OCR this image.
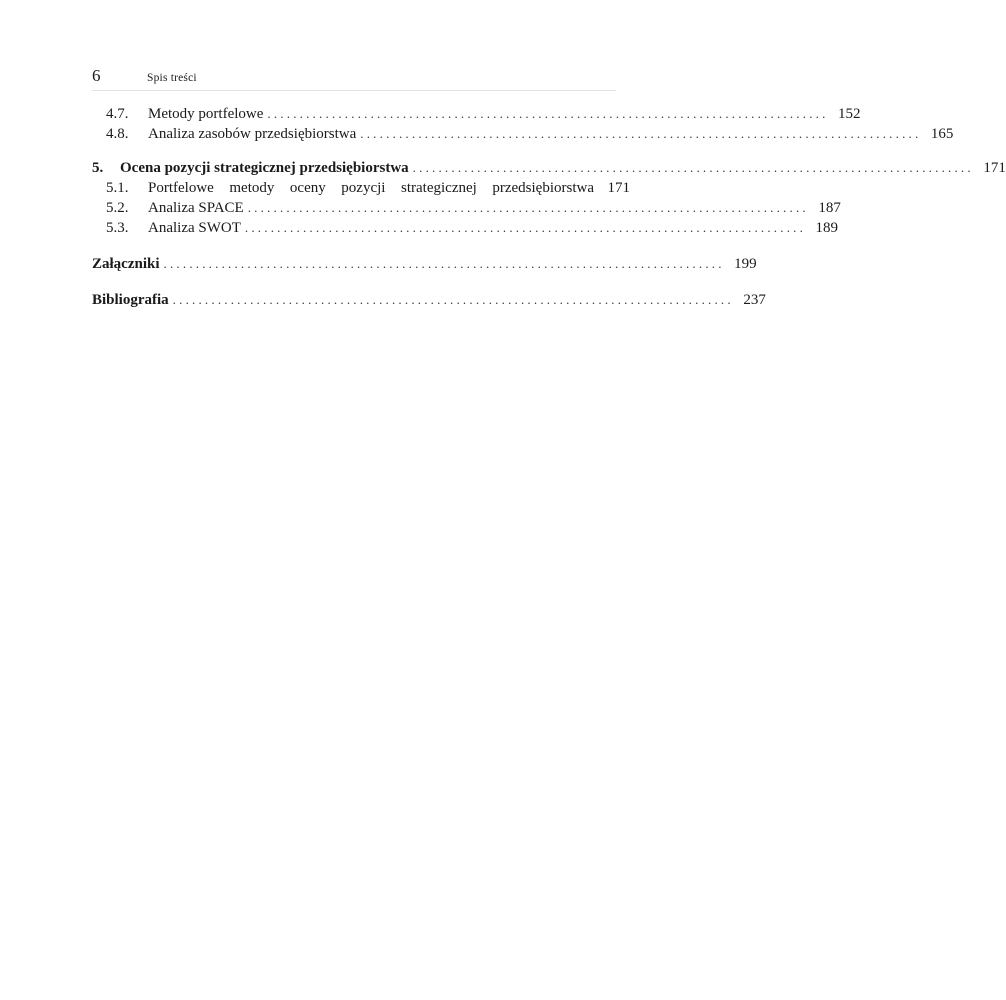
6	Spis treści
4.7.	Metody portfelowe ....................................................................................... 152
4.8.	Analiza zasobów przedsiębiorstwa ....................................................................................... 165
5.	Ocena pozycji strategicznej przedsiębiorstwa ....................................................................................... 171
5.1.	Portfelowe metody oceny pozycji strategicznej przedsiębiorstwa 171
5.2.	Analiza SPACE ....................................................................................... 187
5.3.	Analiza SWOT ....................................................................................... 189
Załączniki ....................................................................................... 199
Bibliografia ....................................................................................... 237
